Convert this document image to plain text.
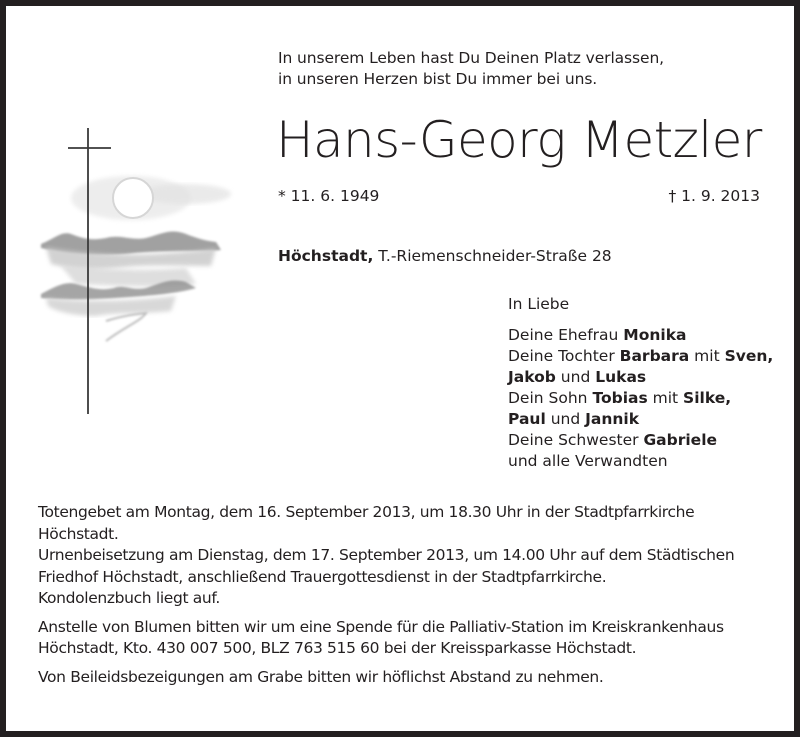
In unserem Leben hast Du Deinen Platz verlassen,
in unseren Herzen bist Du immer bei uns.
Hans-Georg Metzler
* 11. 6. 1949	† 1. 9. 2013
Höchstadt, T.-Riemenschneider-Straße 28
In Liebe
Deine Ehefrau Monika
Deine Tochter Barbara mit Sven,
Jakob und Lukas
Dein Sohn Tobias mit Silke,
Paul und Jannik
Deine Schwester Gabriele
und alle Verwandten
Totengebet am Montag, dem 16. September 2013, um 18.30 Uhr in der Stadtpfarrkirche
Höchstadt.
Urnenbeisetzung am Dienstag, dem 17. September 2013, um 14.00 Uhr auf dem Städtischen
Friedhof Höchstadt, anschließend Trauergottesdienst in der Stadtpfarrkirche.
Kondolenzbuch liegt auf.
Anstelle von Blumen bitten wir um eine Spende für die Palliativ-Station im Kreiskrankenhaus
Höchstadt, Kto. 430 007 500, BLZ 763 515 60 bei der Kreissparkasse Höchstadt.
Von Beileidsbezeigungen am Grabe bitten wir höflichst Abstand zu nehmen.
